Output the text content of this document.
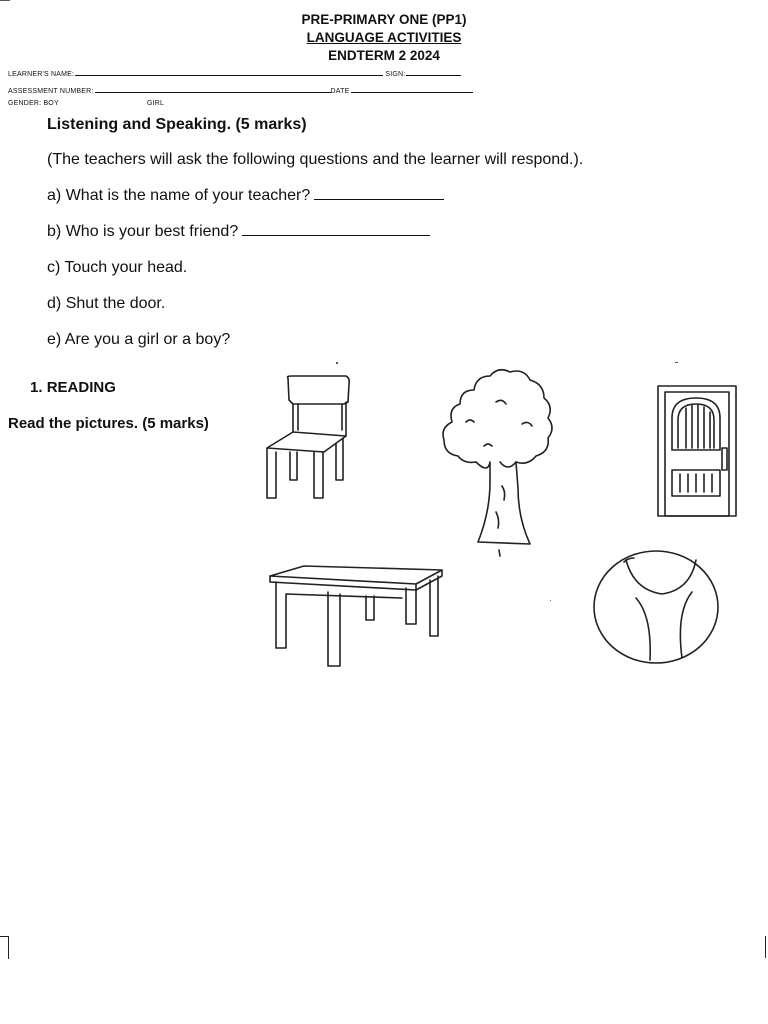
PRE-PRIMARY ONE (PP1)
LANGUAGE ACTIVITIES
ENDTERM 2 2024
LEARNER'S NAME:	SIGN:
ASSESSMENT NUMBER:	DATE
GENDER: BOY	GIRL
Listening and Speaking. (5 marks)
(The teachers will ask the following questions and the learner will respond.).
a) What is the name of your teacher?
b) Who is your best friend?
c) Touch your head.
d) Shut the door.
e) Are you a girl or a boy?
1. READING
Read the pictures. (5 marks)
